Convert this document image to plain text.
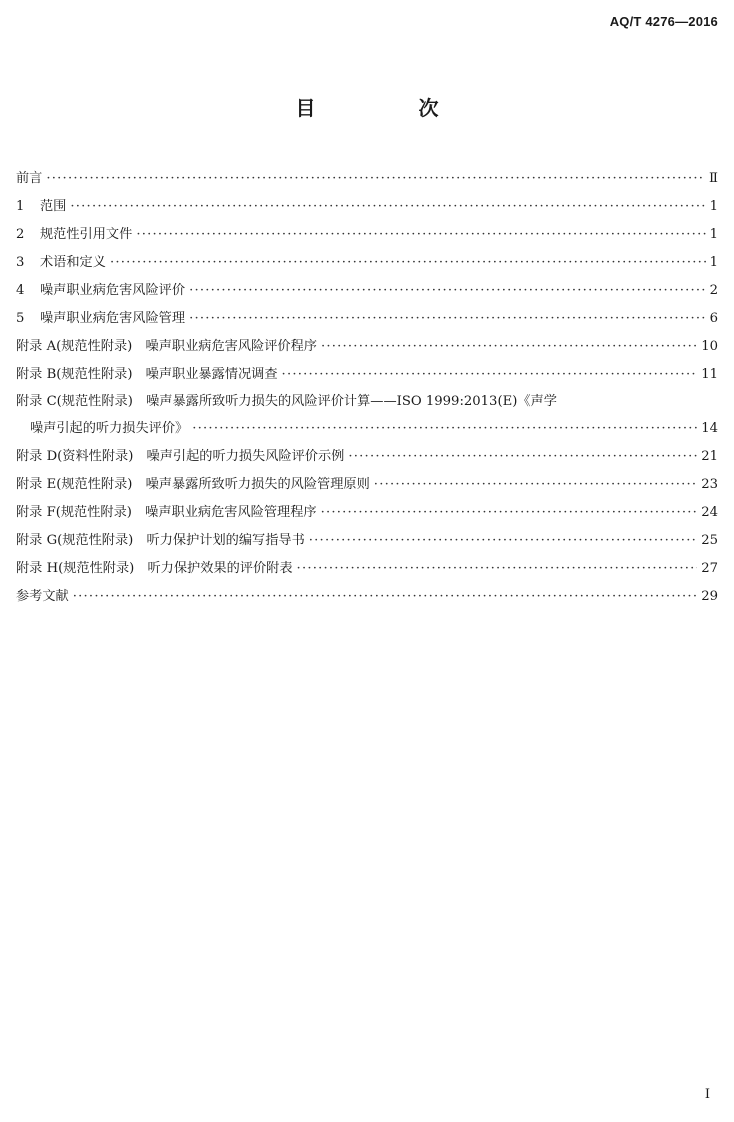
AQ/T 4276—2016
目 次
前言 ·····	Ⅱ
1	范围 ·····	1
2	规范性引用文件 ·····	1
3	术语和定义 ·····	1
4	噪声职业病危害风险评价 ·····	2
5	噪声职业病危害风险管理 ·····	6
附录 A(规范性附录)　噪声职业病危害风险评价程序 ·····	10
附录 B(规范性附录)　噪声职业暴露情况调查 ·····	11
附录 C(规范性附录)　噪声暴露所致听力损失的风险评价计算——ISO 1999:2013(E)《声学
噪声引起的听力损失评价》 ·····	14
附录 D(资料性附录)　噪声引起的听力损失风险评价示例 ·····	21
附录 E(规范性附录)　噪声暴露所致听力损失的风险管理原则 ·····	23
附录 F(规范性附录)　噪声职业病危害风险管理程序 ·····	24
附录 G(规范性附录)　听力保护计划的编写指导书 ·····	25
附录 H(规范性附录)　听力保护效果的评价附表 ·····	27
参考文献 ·····	29
I
